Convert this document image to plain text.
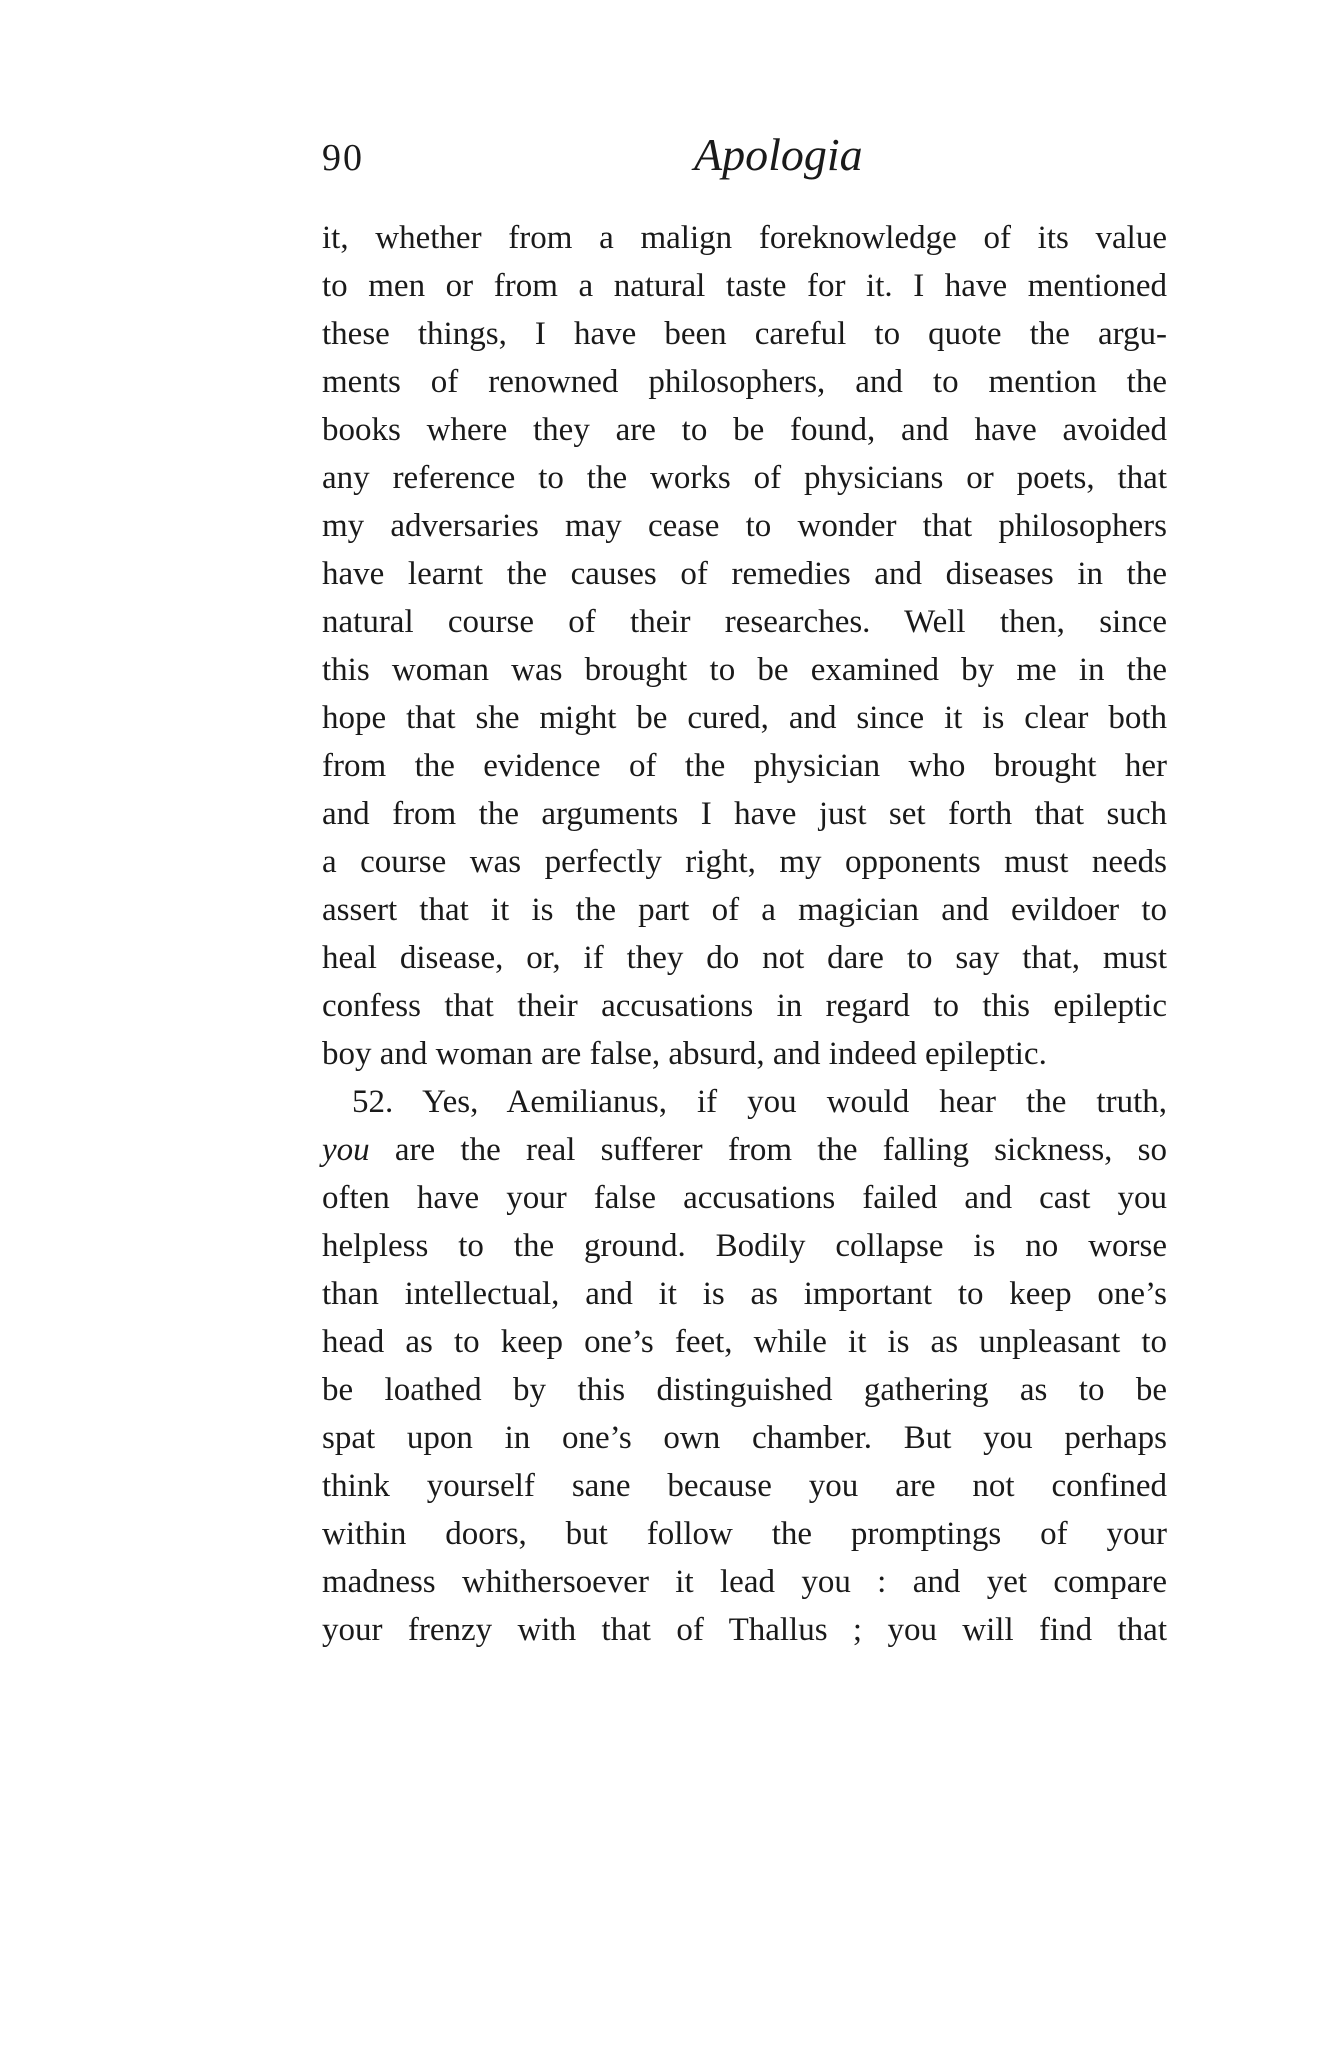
90	Apologia
it, whether from a malign foreknowledge of its value
to men or from a natural taste for it. I have mentioned
these things, I have been careful to quote the argu-
ments of renowned philosophers, and to mention the
books where they are to be found, and have avoided
any reference to the works of physicians or poets, that
my adversaries may cease to wonder that philosophers
have learnt the causes of remedies and diseases in the
natural course of their researches. Well then, since
this woman was brought to be examined by me in the
hope that she might be cured, and since it is clear both
from the evidence of the physician who brought her
and from the arguments I have just set forth that such
a course was perfectly right, my opponents must needs
assert that it is the part of a magician and evildoer to
heal disease, or, if they do not dare to say that, must
confess that their accusations in regard to this epileptic
boy and woman are false, absurd, and indeed epileptic.
52. Yes, Aemilianus, if you would hear the truth,
you are the real sufferer from the falling sickness, so
often have your false accusations failed and cast you
helpless to the ground. Bodily collapse is no worse
than intellectual, and it is as important to keep one’s
head as to keep one’s feet, while it is as unpleasant to
be loathed by this distinguished gathering as to be
spat upon in one’s own chamber. But you perhaps
think yourself sane because you are not confined
within doors, but follow the promptings of your
madness whithersoever it lead you : and yet compare
your frenzy with that of Thallus ; you will find that
